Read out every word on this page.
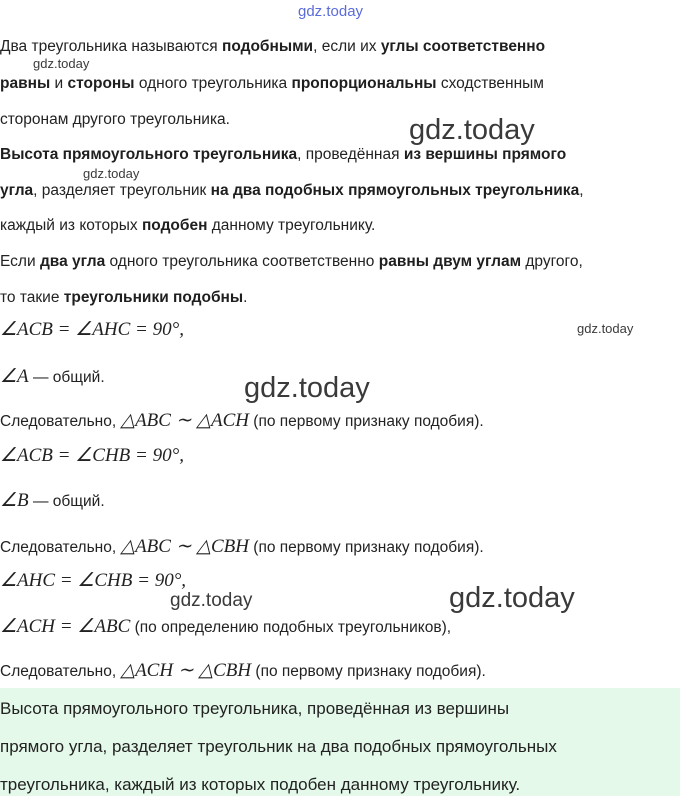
gdz.today
gdz.today
gdz.today
gdz.today
gdz.today
gdz.today
gdz.today	gdz.today
Два треугольника называются подобными, если их углы соответственно
равны и стороны одного треугольника пропорциональны сходственным
сторонам другого треугольника.
Высота прямоугольного треугольника, проведённая из вершины прямого
угла, разделяет треугольник на два подобных прямоугольных треугольника,
каждый из которых подобен данному треугольнику.
Если два угла одного треугольника соответственно равны двум углам другого,
то такие треугольники подобны.
∠ACB = ∠AHC = 90°,
∠A — общий.
Следовательно, △ABC ∼ △ACH (по первому признаку подобия).
∠ACB = ∠CHB = 90°,
∠B — общий.
Следовательно, △ABC ∼ △CBH (по первому признаку подобия).
∠AHC = ∠CHB = 90°,
∠ACH = ∠ABC (по определению подобных треугольников),
Следовательно, △ACH ∼ △CBH (по первому признаку подобия).
Высота прямоугольного треугольника, проведённая из вершины
прямого угла, разделяет треугольник на два подобных прямоугольных
треугольника, каждый из которых подобен данному треугольнику.
